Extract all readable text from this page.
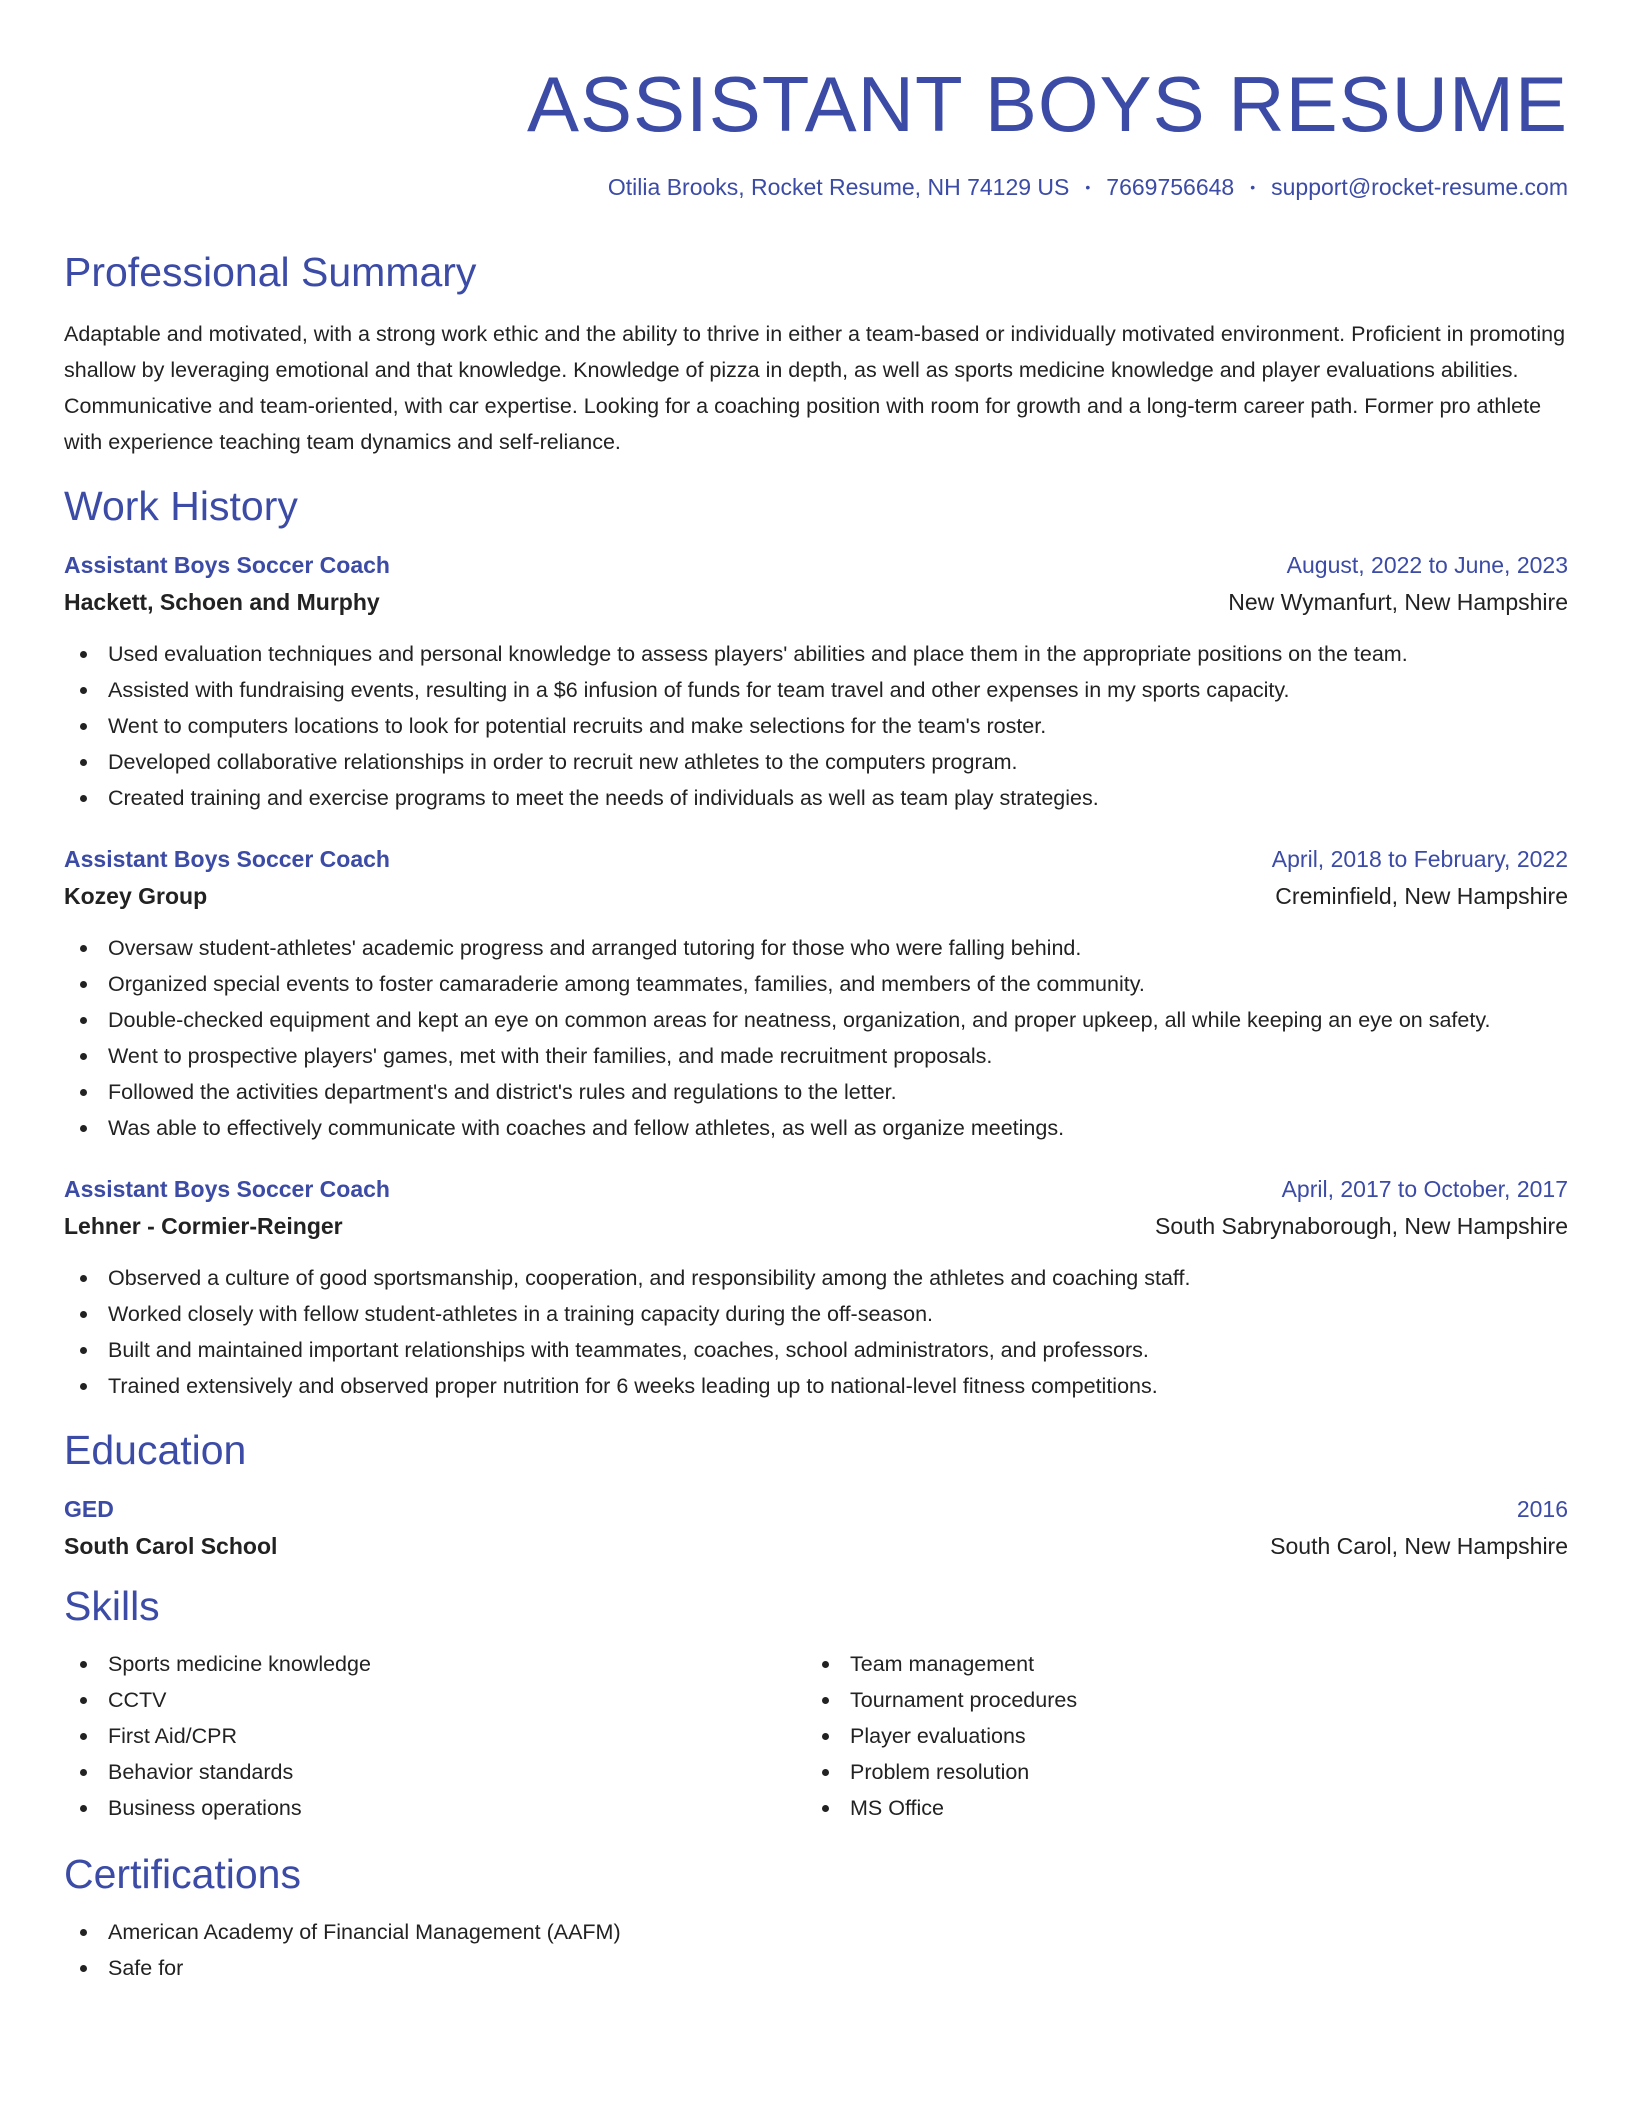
ASSISTANT BOYS RESUME
Otilia Brooks, Rocket Resume, NH 74129 US • 7669756648 • support@rocket-resume.com
Professional Summary

Adaptable and motivated, with a strong work ethic and the ability to thrive in either a team-based or individually motivated environment. Proficient in promoting shallow by leveraging emotional and that knowledge. Knowledge of pizza in depth, as well as sports medicine knowledge and player evaluations abilities. Communicative and team-oriented, with car expertise. Looking for a coaching position with room for growth and a long-term career path. Former pro athlete with experience teaching team dynamics and self-reliance.

Work History
Assistant Boys Soccer Coach	August, 2022 to June, 2023
Hackett, Schoen and Murphy	New Wymanfurt, New Hampshire
Used evaluation techniques and personal knowledge to assess players' abilities and place them in the appropriate positions on the team.
Assisted with fundraising events, resulting in a $6 infusion of funds for team travel and other expenses in my sports capacity.
Went to computers locations to look for potential recruits and make selections for the team's roster.
Developed collaborative relationships in order to recruit new athletes to the computers program.
Created training and exercise programs to meet the needs of individuals as well as team play strategies.
Assistant Boys Soccer Coach	April, 2018 to February, 2022
Kozey Group	Creminfield, New Hampshire
Oversaw student-athletes' academic progress and arranged tutoring for those who were falling behind.
Organized special events to foster camaraderie among teammates, families, and members of the community.
Double-checked equipment and kept an eye on common areas for neatness, organization, and proper upkeep, all while keeping an eye on safety.
Went to prospective players' games, met with their families, and made recruitment proposals.
Followed the activities department's and district's rules and regulations to the letter.
Was able to effectively communicate with coaches and fellow athletes, as well as organize meetings.
Assistant Boys Soccer Coach	April, 2017 to October, 2017
Lehner - Cormier-Reinger	South Sabrynaborough, New Hampshire
Observed a culture of good sportsmanship, cooperation, and responsibility among the athletes and coaching staff.
Worked closely with fellow student-athletes in a training capacity during the off-season.
Built and maintained important relationships with teammates, coaches, school administrators, and professors.
Trained extensively and observed proper nutrition for 6 weeks leading up to national-level fitness competitions.
Education
GED	2016
South Carol School	South Carol, New Hampshire
Skills
Sports medicine knowledge
CCTV
First Aid/CPR
Behavior standards
Business operations
Team management
Tournament procedures
Player evaluations
Problem resolution
MS Office
Certifications
American Academy of Financial Management (AAFM)
Safe for
